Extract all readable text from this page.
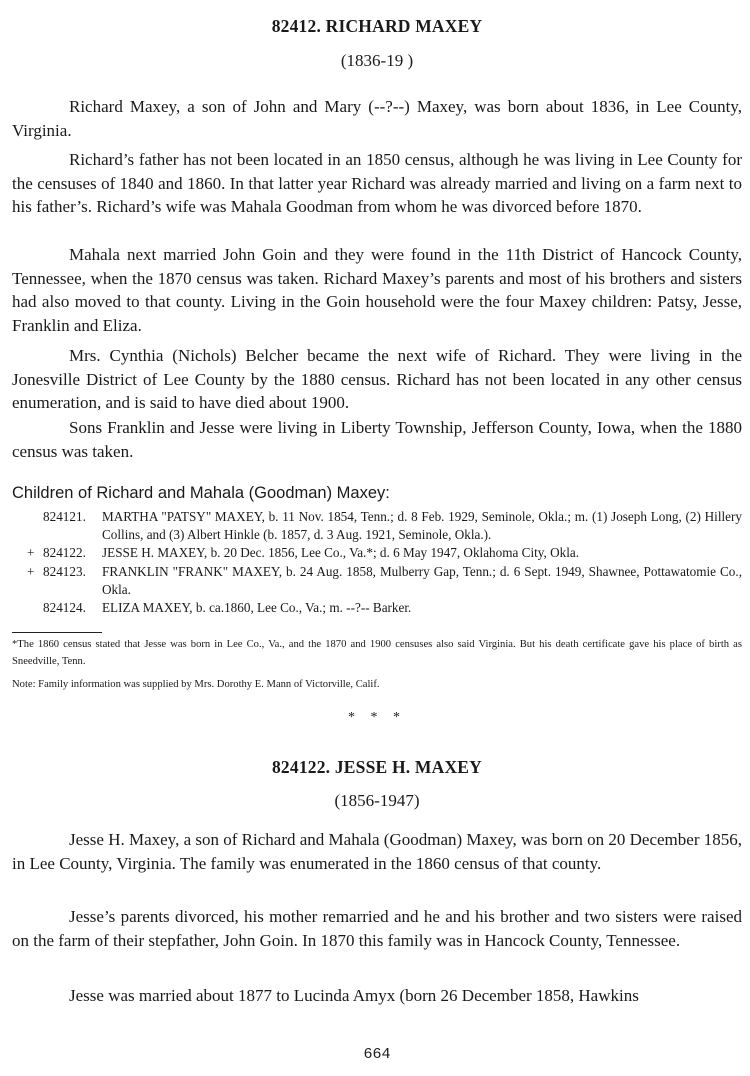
82412. RICHARD MAXEY
(1836-19 )

Richard Maxey, a son of John and Mary (--?--) Maxey, was born about 1836, in Lee County, Virginia.

Richard’s father has not been located in an 1850 census, although he was living in Lee County for the censuses of 1840 and 1860. In that latter year Richard was already married and living on a farm next to his father’s. Richard’s wife was Mahala Goodman from whom he was divorced before 1870.

Mahala next married John Goin and they were found in the 11th District of Hancock County, Tennessee, when the 1870 census was taken. Richard Maxey’s parents and most of his brothers and sisters had also moved to that county. Living in the Goin household were the four Maxey children: Patsy, Jesse, Franklin and Eliza.

Mrs. Cynthia (Nichols) Belcher became the next wife of Richard. They were living in the Jonesville District of Lee County by the 1880 census. Richard has not been located in any other census enumeration, and is said to have died about 1900.

Sons Franklin and Jesse were living in Liberty Township, Jefferson County, Iowa, when the 1880 census was taken.

Children of Richard and Mahala (Goodman) Maxey:
824121.	MARTHA "PATSY" MAXEY, b. 11 Nov. 1854, Tenn.; d. 8 Feb. 1929, Seminole, Okla.; m. (1) Joseph Long, (2) Hillery Collins, and (3) Albert Hinkle (b. 1857, d. 3 Aug. 1921, Seminole, Okla.).
+ 824122.	JESSE H. MAXEY, b. 20 Dec. 1856, Lee Co., Va.*; d. 6 May 1947, Oklahoma City, Okla.
+ 824123.	FRANKLIN "FRANK" MAXEY, b. 24 Aug. 1858, Mulberry Gap, Tenn.; d. 6 Sept. 1949, Shawnee, Pottawatomie Co., Okla.
824124.	ELIZA MAXEY, b. ca.1860, Lee Co., Va.; m. --?-- Barker.
*The 1860 census stated that Jesse was born in Lee Co., Va., and the 1870 and 1900 censuses also said Virginia. But his death certificate gave his place of birth as Sneedville, Tenn.
Note: Family information was supplied by Mrs. Dorothy E. Mann of Victorville, Calif.
* * *
824122. JESSE H. MAXEY
(1856-1947)

Jesse H. Maxey, a son of Richard and Mahala (Goodman) Maxey, was born on 20 December 1856, in Lee County, Virginia. The family was enumerated in the 1860 census of that county.

Jesse’s parents divorced, his mother remarried and he and his brother and two sisters were raised on the farm of their stepfather, John Goin. In 1870 this family was in Hancock County, Tennessee.

Jesse was married about 1877 to Lucinda Amyx (born 26 December 1858, Hawkins

664
